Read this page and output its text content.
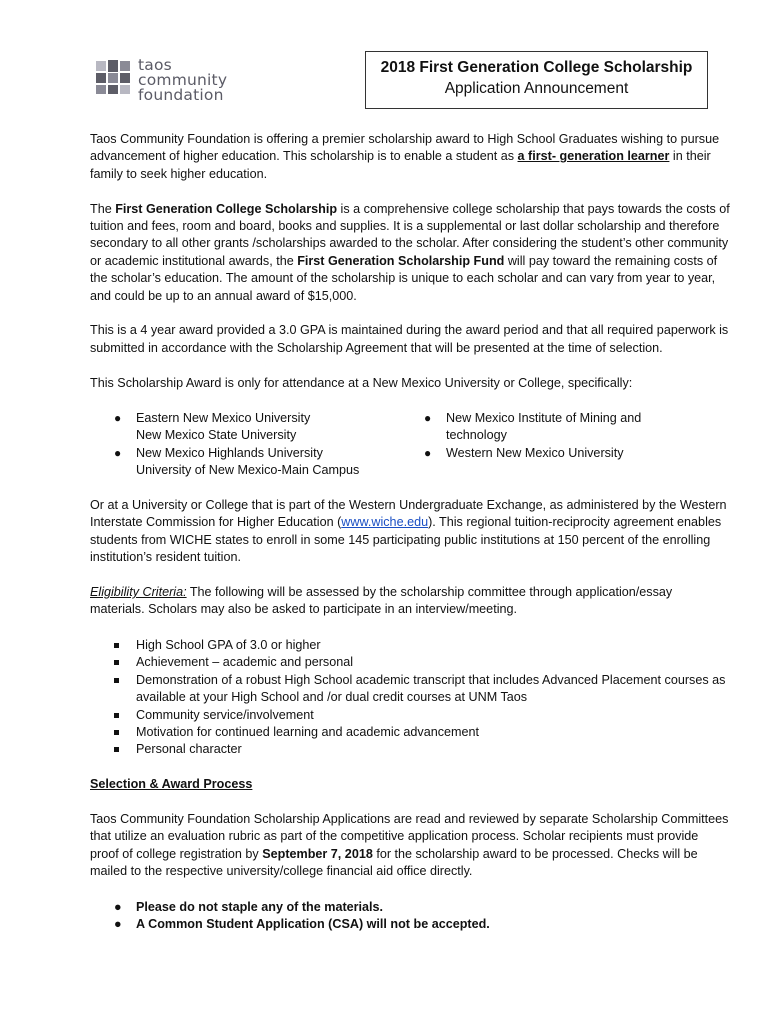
taos
community
foundation
2018 First Generation College Scholarship
Application Announcement

Taos Community Foundation is offering a premier scholarship award to High School Graduates wishing to pursue advancement of higher education. This scholarship is to enable a student as a first- generation learner in their family to seek higher education.

The First Generation College Scholarship is a comprehensive college scholarship that pays towards the costs of tuition and fees, room and board, books and supplies. It is a supplemental or last dollar scholarship and therefore secondary to all other grants /scholarships awarded to the scholar. After considering the student’s other community or academic institutional awards, the First Generation Scholarship Fund will pay toward the remaining costs of the scholar’s education. The amount of the scholarship is unique to each scholar and can vary from year to year, and could be up to an annual award of $15,000.

This is a 4 year award provided a 3.0 GPA is maintained during the award period and that all required paperwork is submitted in accordance with the Scholarship Agreement that will be presented at the time of selection.

This Scholarship Award is only for attendance at a New Mexico University or College, specifically:

● Eastern New Mexico University
New Mexico State University
● New Mexico Highlands University
University of New Mexico-Main Campus
● New Mexico Institute of Mining and
technology
● Western New Mexico University

Or at a University or College that is part of the Western Undergraduate Exchange, as administered by the Western Interstate Commission for Higher Education (www.wiche.edu). This regional tuition-reciprocity agreement enables students from WICHE states to enroll in some 145 participating public institutions at 150 percent of the enrolling institution’s resident tuition.

Eligibility Criteria: The following will be assessed by the scholarship committee through application/essay materials. Scholars may also be asked to participate in an interview/meeting.

High School GPA of 3.0 or higher
Achievement – academic and personal
Demonstration of a robust High School academic transcript that includes Advanced Placement courses as available at your High School and /or dual credit courses at UNM Taos
Community service/involvement
Motivation for continued learning and academic advancement
Personal character

Selection & Award Process

Taos Community Foundation Scholarship Applications are read and reviewed by separate Scholarship Committees that utilize an evaluation rubric as part of the competitive application process. Scholar recipients must provide proof of college registration by September 7, 2018 for the scholarship award to be processed. Checks will be mailed to the respective university/college financial aid office directly.

● Please do not staple any of the materials.
● A Common Student Application (CSA) will not be accepted.
